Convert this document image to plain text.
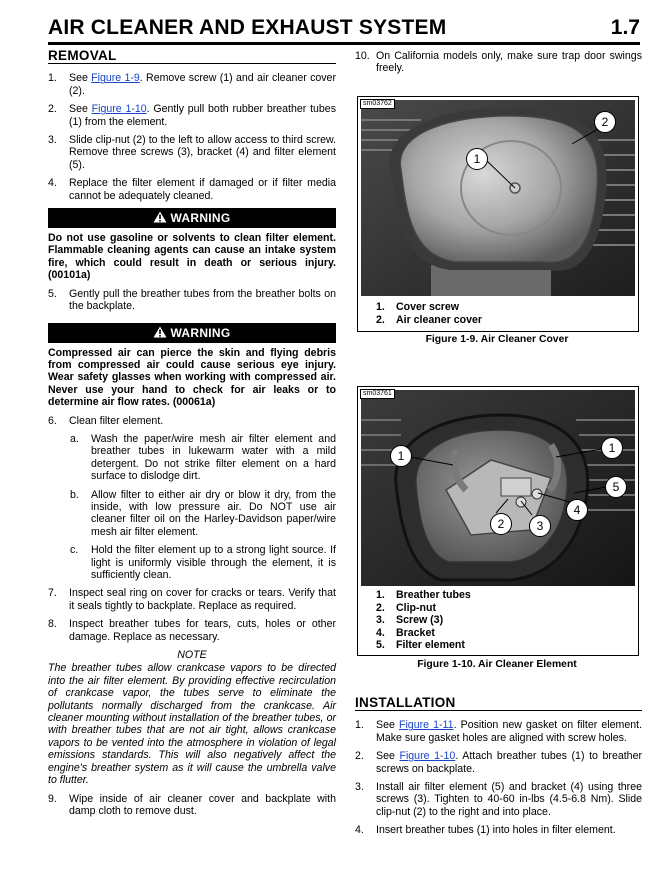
AIR CLEANER AND EXHAUST SYSTEM	1.7
REMOVAL
1.	See Figure 1-9. Remove screw (1) and air cleaner cover (2).
2.	See Figure 1-10. Gently pull both rubber breather tubes (1) from the element.
3.	Slide clip-nut (2) to the left to allow access to third screw. Remove three screws (3), bracket (4) and filter element (5).
4.	Replace the filter element if damaged or if filter media cannot be adequately cleaned.
WARNING
Do not use gasoline or solvents to clean filter element. Flammable cleaning agents can cause an intake system fire, which could result in death or serious injury. (00101a)
5.	Gently pull the breather tubes from the breather bolts on the backplate.
WARNING
Compressed air can pierce the skin and flying debris from compressed air could cause serious eye injury. Wear safety glasses when working with compressed air. Never use your hand to check for air leaks or to determine air flow rates. (00061a)
6.	Clean filter element.
a.	Wash the paper/wire mesh air filter element and breather tubes in lukewarm water with a mild detergent. Do not strike filter element on a hard surface to dislodge dirt.
b.	Allow filter to either air dry or blow it dry, from the inside, with low pressure air. Do NOT use air cleaner filter oil on the Harley-Davidson paper/wire mesh air filter element.
c.	Hold the filter element up to a strong light source. If light is uniformly visible through the element, it is sufficiently clean.
7.	Inspect seal ring on cover for cracks or tears. Verify that it seals tightly to backplate. Replace as required.
8.	Inspect breather tubes for tears, cuts, holes or other damage. Replace as necessary.
NOTE
The breather tubes allow crankcase vapors to be directed into the air filter element. By providing effective recirculation of crankcase vapor, the tubes serve to eliminate the pollutants normally discharged from the crankcase. Air cleaner mounting without installation of the breather tubes, or with breather tubes that are not air tight, allows crankcase vapors to be vented into the atmosphere in violation of legal emissions standards. This will also negatively affect the engine's breather system as it will cause the umbrella valve to flutter.
9.	Wipe inside of air cleaner cover and backplate with damp cloth to remove dust.
10. On California models only, make sure trap door swings freely.
sm03762
1
2
1.	Cover screw
2.	Air cleaner cover
Figure 1-9. Air Cleaner Cover
sm03761
1
1
2	3
4
5
1.	Breather tubes
2.	Clip-nut
3.	Screw (3)
4.	Bracket
5.	Filter element
Figure 1-10. Air Cleaner Element
INSTALLATION
1.	See Figure 1-11. Position new gasket on filter element. Make sure gasket holes are aligned with screw holes.
2.	See Figure 1-10. Attach breather tubes (1) to breather screws on backplate.
3.	Install air filter element (5) and bracket (4) using three screws (3). Tighten to 40-60 in-lbs (4.5-6.8 Nm). Slide clip-nut (2) to the right and into place.
4.	Insert breather tubes (1) into holes in filter element.
